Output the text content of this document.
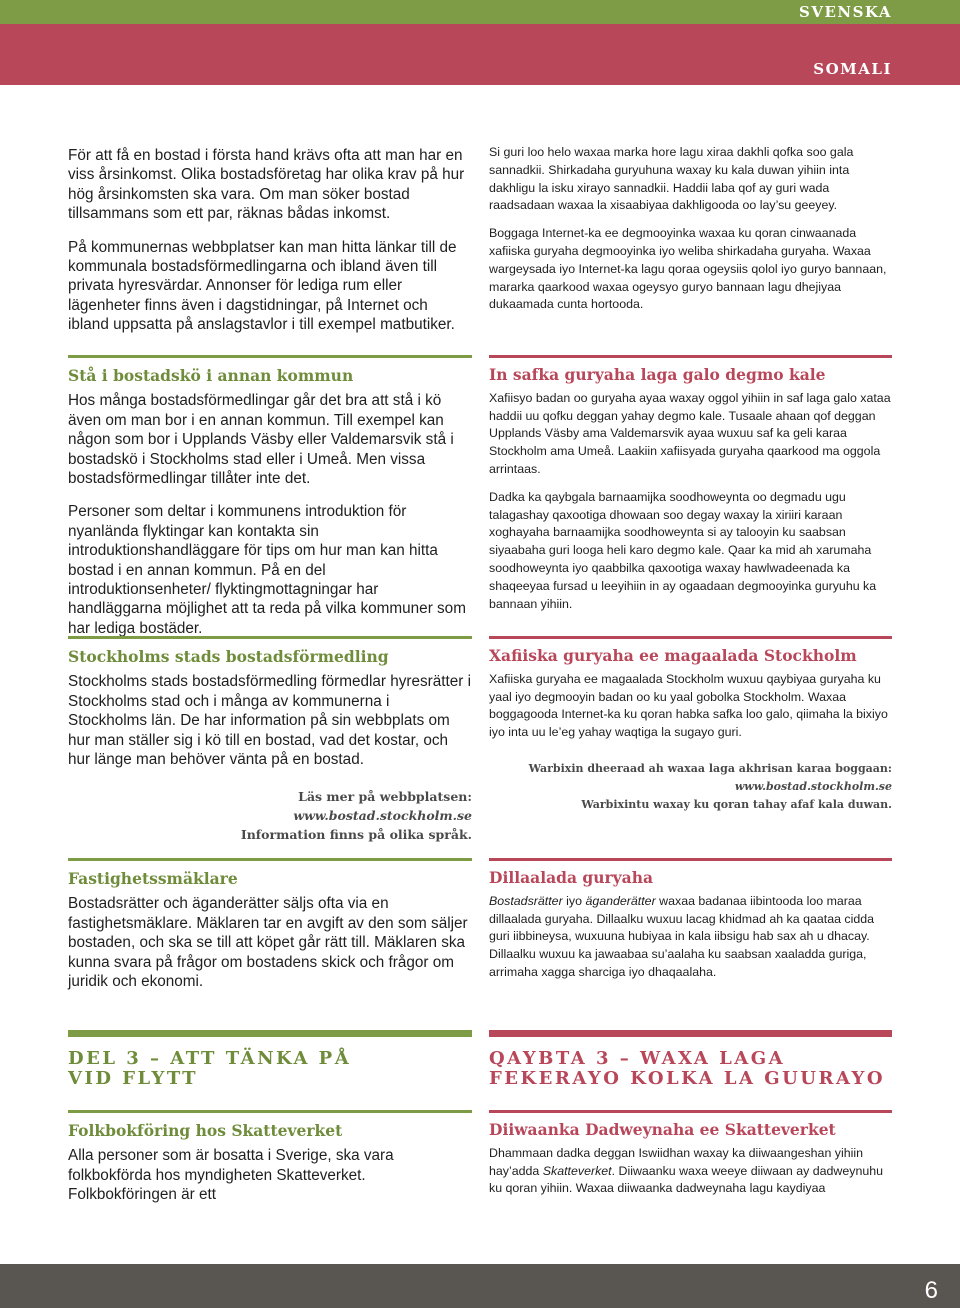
SVENSKA
SOMALI

För att få en bostad i första hand krävs ofta att man har en viss årsinkomst. Olika bostadsföretag har olika krav på hur hög årsinkomsten ska vara. Om man söker bostad tillsammans som ett par, räknas bådas inkomst.

På kommunernas webbplatser kan man hitta länkar till de kommunala bostadsförmedlingarna och ibland även till privata hyresvärdar. Annonser för lediga rum eller lägenheter finns även i dagstidningar, på Internet och ibland uppsatta på anslagstavlor i till exempel matbutiker.

Stå i bostadskö i annan kommun

Hos många bostadsförmedlingar går det bra att stå i kö även om man bor i en annan kommun. Till exempel kan någon som bor i Upplands Väsby eller Valdemarsvik stå i bostadskö i Stockholms stad eller i Umeå. Men vissa bostadsförmedlingar tillåter inte det.

Personer som deltar i kommunens introduktion för nyanlända flyktingar kan kontakta sin introduktionshandläggare för tips om hur man kan hitta bostad i en annan kommun. På en del introduktionsenheter/ flyktingmottagningar har handläggarna möjlighet att ta reda på vilka kommuner som har lediga bostäder.

Stockholms stads bostadsförmedling

Stockholms stads bostadsförmedling förmedlar hyresrätter i Stockholms stad och i många av kommunerna i Stockholms län. De har information på sin webbplats om hur man ställer sig i kö till en bostad, vad det kostar, och hur länge man behöver vänta på en bostad.

Läs mer på webbplatsen:
www.bostad.stockholm.se
Information finns på olika språk.
Fastighetssmäklare

Bostadsrätter och äganderätter säljs ofta via en fastighetsmäklare. Mäklaren tar en avgift av den som säljer bostaden, och ska se till att köpet går rätt till. Mäklaren ska kunna svara på frågor om bostadens skick och frågor om juridik och ekonomi.

DEL 3 – ATT TÄNKA PÅ
VID FLYTT
Folkbokföring hos Skatteverket

Alla personer som är bosatta i Sverige, ska vara folkbokförda hos myndigheten Skatteverket. Folkbokföringen är ett

Si guri loo helo waxaa marka hore lagu xiraa dakhli qofka soo gala sannadkii. Shirkadaha guryuhuna waxay ku kala duwan yihiin inta dakhligu la isku xirayo sannadkii. Haddii laba qof ay guri wada raadsadaan waxaa la xisaabiyaa dakhligooda oo lay’su geeyey.

Boggaga Internet-ka ee degmooyinka waxaa ku qoran cinwaanada xafiiska guryaha degmooyinka iyo weliba shirkadaha guryaha. Waxaa wargeysada iyo Internet-ka lagu qoraa ogeysiis qolol iyo guryo bannaan, mararka qaarkood waxaa ogeysyo guryo bannaan lagu dhejiyaa dukaamada cunta hortooda.

In safka guryaha laga galo degmo kale

Xafiisyo badan oo guryaha ayaa waxay oggol yihiin in saf laga galo xataa haddii uu qofku deggan yahay degmo kale. Tusaale ahaan qof deggan Upplands Väsby ama Valdemarsvik ayaa wuxuu saf ka geli karaa Stockholm ama Umeå. Laakiin xafiisyada guryaha qaarkood ma oggola arrintaas.

Dadka ka qaybgala barnaamijka soodhoweynta oo degmadu ugu talagashay qaxootiga dhowaan soo degay waxay la xiriiri karaan xoghayaha barnaamijka soodhoweynta si ay talooyin ku saabsan siyaabaha guri looga heli karo degmo kale. Qaar ka mid ah xarumaha soodhoweynta iyo qaabbilka qaxootiga waxay hawlwadeenada ka shaqeeyaa fursad u leeyihiin in ay ogaadaan degmooyinka guryuhu ka bannaan yihiin.

Xafiiska guryaha ee magaalada Stockholm

Xafiiska guryaha ee magaalada Stockholm wuxuu qaybiyaa guryaha ku yaal iyo degmooyin badan oo ku yaal gobolka Stockholm. Waxaa boggagooda Internet-ka ku qoran habka safka loo galo, qiimaha la bixiyo iyo inta uu le’eg yahay waqtiga la sugayo guri.

Warbixin dheeraad ah waxaa laga akhrisan karaa boggaan:
www.bostad.stockholm.se
Warbixintu waxay ku qoran tahay afaf kala duwan.
Dillaalada guryaha

Bostadsrätter iyo äganderätter waxaa badanaa iibintooda loo maraa dillaalada guryaha. Dillaalku wuxuu lacag khidmad ah ka qaataa cidda guri iibbineysa, wuxuuna hubiyaa in kala iibsigu hab sax ah u dhacay. Dillaalku wuxuu ka jawaabaa su’aalaha ku saabsan xaaladda guriga, arrimaha xagga sharciga iyo dhaqaalaha.

QAYBTA 3 – WAXA LAGA
FEKERAYO KOLKA LA GUURAYO
Diiwaanka Dadweynaha ee Skatteverket

Dhammaan dadka deggan Iswiidhan waxay ka diiwaangeshan yihiin hay’adda Skatteverket. Diiwaanku waxa weeye diiwaan ay dadweynuhu ku qoran yihiin. Waxaa diiwaanka dadweynaha lagu kaydiyaa

6
